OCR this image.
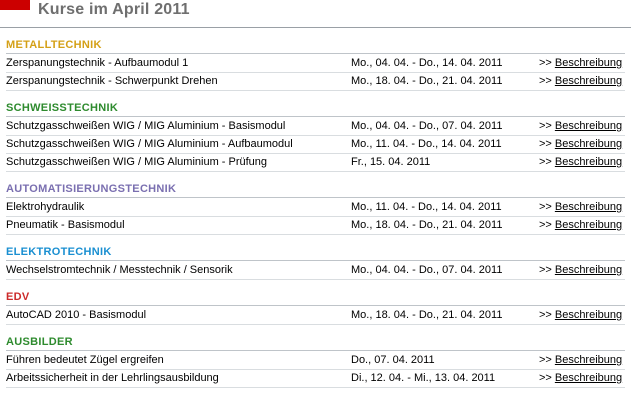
Kurse im April 2011
METALLTECHNIK
Zerspanungstechnik - Aufbaumodul 1	Mo., 04. 04. - Do., 14. 04. 2011	>> Beschreibung
Zerspanungstechnik - Schwerpunkt Drehen	Mo., 18. 04. - Do., 21. 04. 2011	>> Beschreibung
SCHWEISSTECHNIK
Schutzgasschweißen WIG / MIG Aluminium - Basismodul	Mo., 04. 04. - Do., 07. 04. 2011	>> Beschreibung
Schutzgasschweißen WIG / MIG Aluminium - Aufbaumodul	Mo., 11. 04. - Do., 14. 04. 2011	>> Beschreibung
Schutzgasschweißen WIG / MIG Aluminium - Prüfung	Fr., 15. 04. 2011	>> Beschreibung
AUTOMATISIERUNGSTECHNIK
Elektrohydraulik	Mo., 11. 04. - Do., 14. 04. 2011	>> Beschreibung
Pneumatik - Basismodul	Mo., 18. 04. - Do., 21. 04. 2011	>> Beschreibung
ELEKTROTECHNIK
Wechselstromtechnik / Messtechnik / Sensorik	Mo., 04. 04. - Do., 07. 04. 2011	>> Beschreibung
EDV
AutoCAD 2010 - Basismodul	Mo., 18. 04. - Do., 21. 04. 2011	>> Beschreibung
AUSBILDER
Führen bedeutet Zügel ergreifen	Do., 07. 04. 2011	>> Beschreibung
Arbeitssicherheit in der Lehrlingsausbildung	Di., 12. 04. - Mi., 13. 04. 2011	>> Beschreibung
